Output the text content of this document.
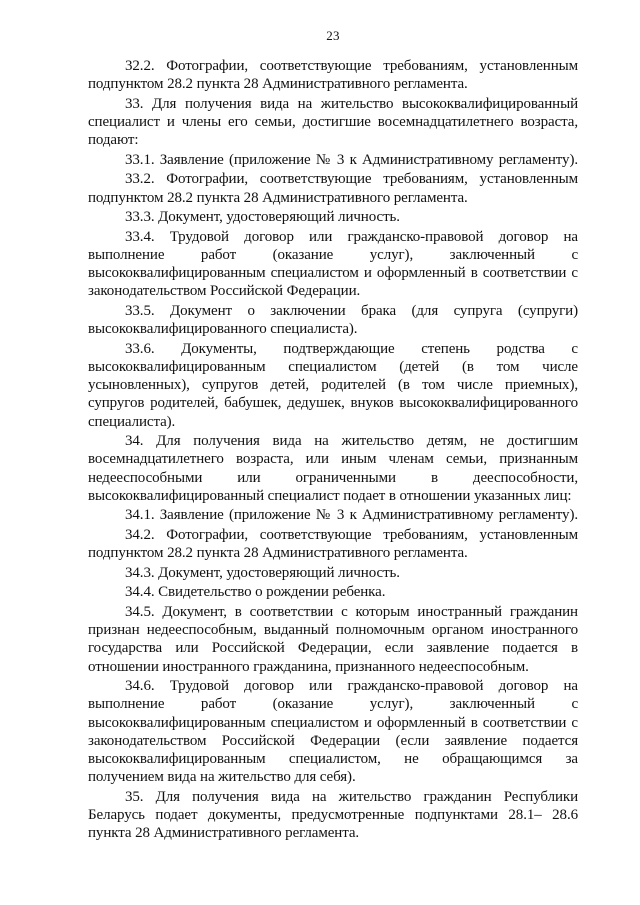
23

32.2. Фотографии, соответствующие требованиям, установленным подпунктом 28.2 пункта 28 Административного регламента.

33. Для получения вида на жительство высококвалифицированный специалист и члены его семьи, достигшие восемнадцатилетнего возраста, подают:

33.1. Заявление (приложение № 3 к Административному регламенту).

33.2. Фотографии, соответствующие требованиям, установленным подпунктом 28.2 пункта 28 Административного регламента.

33.3. Документ, удостоверяющий личность.

33.4. Трудовой договор или гражданско-правовой договор на выполнение работ (оказание услуг), заключенный с высококвалифицированным специалистом и оформленный в соответствии с законодательством Российской Федерации.

33.5. Документ о заключении брака (для супруга (супруги) высококвалифицированного специалиста).

33.6. Документы, подтверждающие степень родства с высококвалифицированным специалистом (детей (в том числе усыновленных), супругов детей, родителей (в том числе приемных), супругов родителей, бабушек, дедушек, внуков высококвалифицированного специалиста).

34. Для получения вида на жительство детям, не достигшим восемнадцатилетнего возраста, или иным членам семьи, признанным недееспособными или ограниченными в дееспособности, высококвалифицированный специалист подает в отношении указанных лиц:

34.1. Заявление (приложение № 3 к Административному регламенту).

34.2. Фотографии, соответствующие требованиям, установленным подпунктом 28.2 пункта 28 Административного регламента.

34.3. Документ, удостоверяющий личность.

34.4. Свидетельство о рождении ребенка.

34.5. Документ, в соответствии с которым иностранный гражданин признан недееспособным, выданный полномочным органом иностранного государства или Российской Федерации, если заявление подается в отношении иностранного гражданина, признанного недееспособным.

34.6. Трудовой договор или гражданско-правовой договор на выполнение работ (оказание услуг), заключенный с высококвалифицированным специалистом и оформленный в соответствии с законодательством Российской Федерации (если заявление подается высококвалифицированным специалистом, не обращающимся за получением вида на жительство для себя).

35. Для получения вида на жительство гражданин Республики Беларусь подает документы, предусмотренные подпунктами 28.1– 28.6 пункта 28 Административного регламента.
